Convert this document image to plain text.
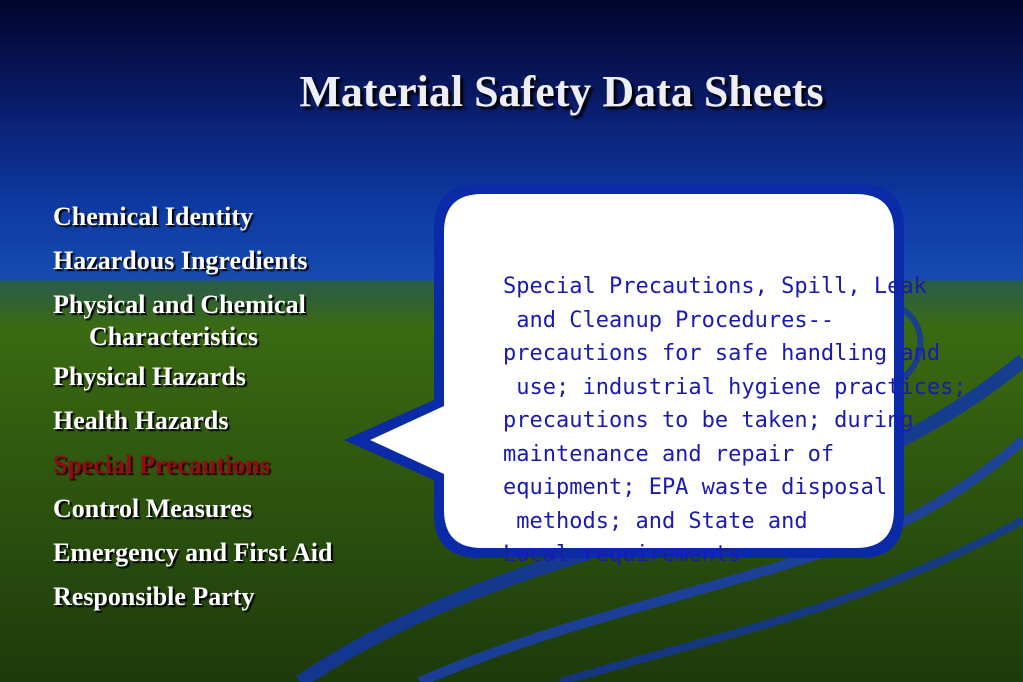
Material Safety Data Sheets
Chemical Identity
Hazardous Ingredients
Physical and Chemical
Characteristics
Physical Hazards
Health Hazards
Special Precautions
Control Measures
Emergency and First Aid
Responsible Party
Special Precautions, Spill, Leak
and Cleanup Procedures--
precautions for safe handling and
use; industrial hygiene practices;
precautions to be taken; during
maintenance and repair of
equipment; EPA waste disposal
methods; and State and
Local requirements
